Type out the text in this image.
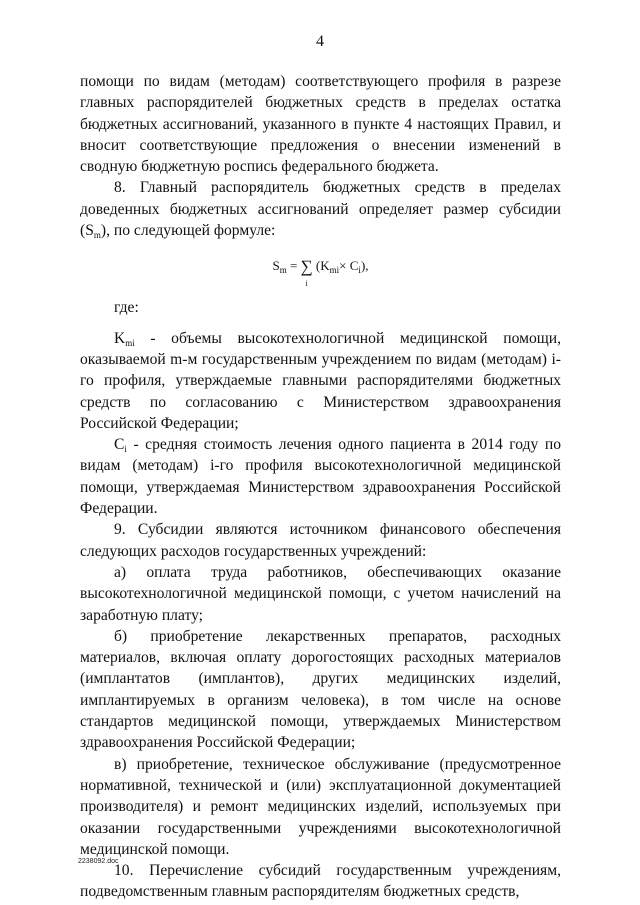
4

помощи по видам (методам) соответствующего профиля в разрезе главных распорядителей бюджетных средств в пределах остатка бюджетных ассигнований, указанного в пункте 4 настоящих Правил, и вносит соответствующие предложения о внесении изменений в сводную бюджетную роспись федерального бюджета.

8. Главный распорядитель бюджетных средств в пределах доведенных бюджетных ассигнований определяет размер субсидии $(S_m)$, по следующей формуле:

$S_m$ = ∑
i
$(K_{mi}\times C_i)$,

где:

$K_{mi}$ - объемы высокотехнологичной медицинской помощи, оказываемой m-м государственным учреждением по видам (методам) i-го профиля, утверждаемые главными распорядителями бюджетных средств по согласованию с Министерством здравоохранения Российской Федерации;

$C_i$ - средняя стоимость лечения одного пациента в 2014 году по видам (методам) i-го профиля высокотехнологичной медицинской помощи, утверждаемая Министерством здравоохранения Российской Федерации.

9. Субсидии являются источником финансового обеспечения следующих расходов государственных учреждений:

а) оплата труда работников, обеспечивающих оказание высокотехнологичной медицинской помощи, с учетом начислений на заработную плату;

б) приобретение лекарственных препаратов, расходных материалов, включая оплату дорогостоящих расходных материалов (имплантатов (имплантов), других медицинских изделий, имплантируемых в организм человека), в том числе на основе стандартов медицинской помощи, утверждаемых Министерством здравоохранения Российской Федерации;

в) приобретение, техническое обслуживание (предусмотренное нормативной, технической и (или) эксплуатационной документацией производителя) и ремонт медицинских изделий, используемых при оказании государственными учреждениями высокотехнологичной медицинской помощи.

10. Перечисление субсидий государственным учреждениям, подведомственным главным распорядителям бюджетных средств,

2238092.doc
